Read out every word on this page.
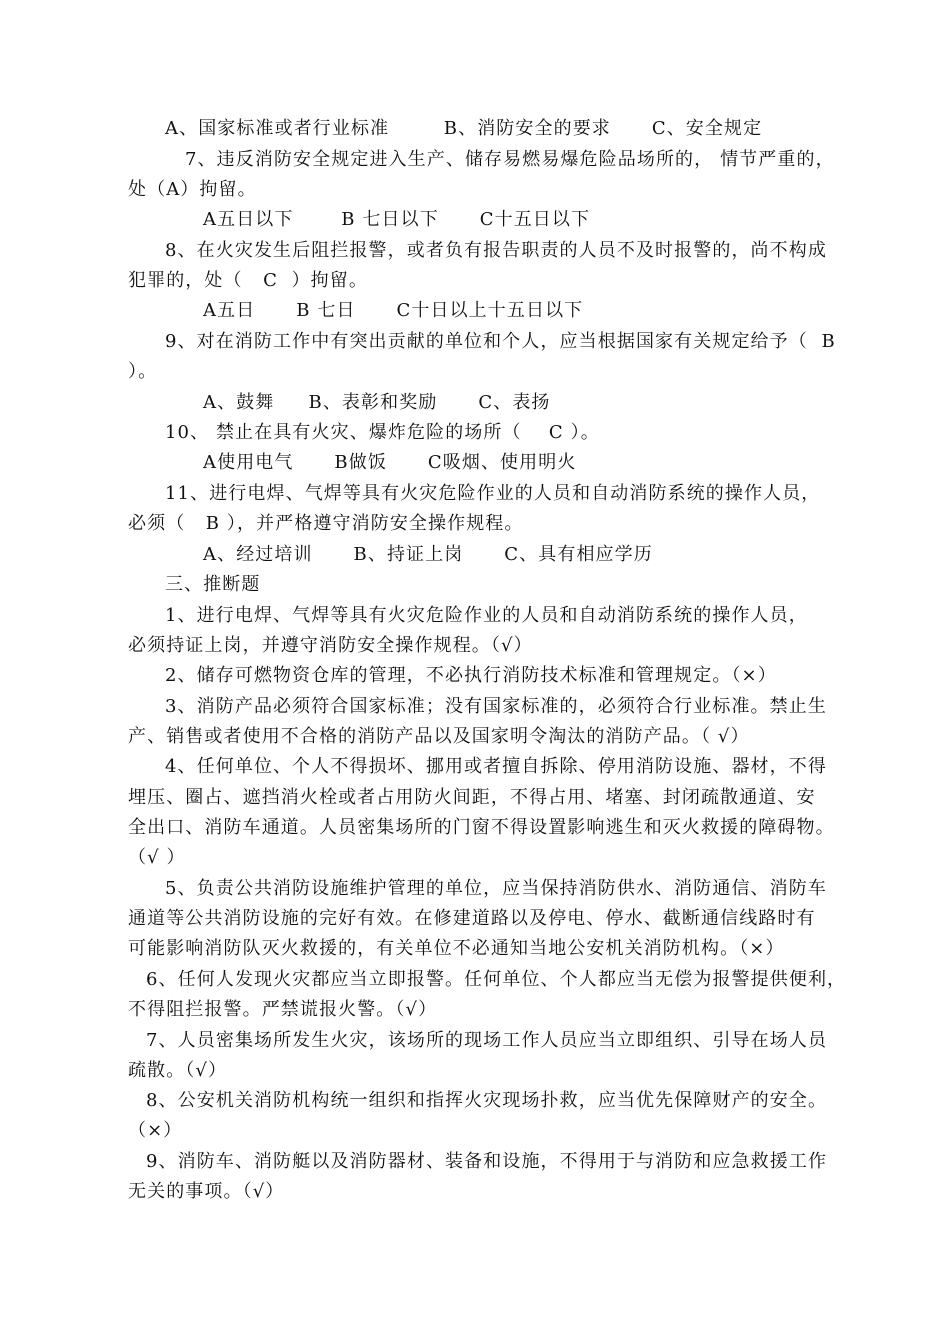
A、国家标准或者行业标准        B、消防安全的要求      C、安全规定
7、违反消防安全规定进入生产、储存易燃易爆危险品场所的， 情节严重的，
处（A）拘留。
A五日以下       B 七日以下      C十五日以下
8、在火灾发生后阻拦报警，或者负有报告职责的人员不及时报警的，尚不构成
犯罪的，处（   C  ）拘留。
A五日      B 七日      C十日以上十五日以下
9、对在消防工作中有突出贡献的单位和个人，应当根据国家有关规定给予（  B
）。
A、鼓舞     B、表彰和奖励      C、表扬
10、 禁止在具有火灾、爆炸危险的场所（    C ）。
A使用电气      B做饭      C吸烟、使用明火
11、进行电焊、气焊等具有火灾危险作业的人员和自动消防系统的操作人员，
必须（   B ），并严格遵守消防安全操作规程。
A、经过培训      B、持证上岗      C、具有相应学历
三、推断题
1、进行电焊、气焊等具有火灾危险作业的人员和自动消防系统的操作人员，
必须持证上岗，并遵守消防安全操作规程。（√）
2、储存可燃物资仓库的管理，不必执行消防技术标准和管理规定。（×）
3、消防产品必须符合国家标准；没有国家标准的，必须符合行业标准。禁止生
产、销售或者使用不合格的消防产品以及国家明令淘汰的消防产品。（ √）
4、任何单位、个人不得损坏、挪用或者擅自拆除、停用消防设施、器材，不得
埋压、圈占、遮挡消火栓或者占用防火间距，不得占用、堵塞、封闭疏散通道、安
全出口、消防车通道。人员密集场所的门窗不得设置影响逃生和灭火救援的障碍物。
（√ ）
5、负责公共消防设施维护管理的单位，应当保持消防供水、消防通信、消防车
通道等公共消防设施的完好有效。在修建道路以及停电、停水、截断通信线路时有
可能影响消防队灭火救援的，有关单位不必通知当地公安机关消防机构。（×）
6、任何人发现火灾都应当立即报警。任何单位、个人都应当无偿为报警提供便利，
不得阻拦报警。严禁谎报火警。（√）
7、人员密集场所发生火灾，该场所的现场工作人员应当立即组织、引导在场人员
疏散。（√）
8、公安机关消防机构统一组织和指挥火灾现场扑救，应当优先保障财产的安全。
（×）
9、消防车、消防艇以及消防器材、装备和设施，不得用于与消防和应急救援工作
无关的事项。（√）
